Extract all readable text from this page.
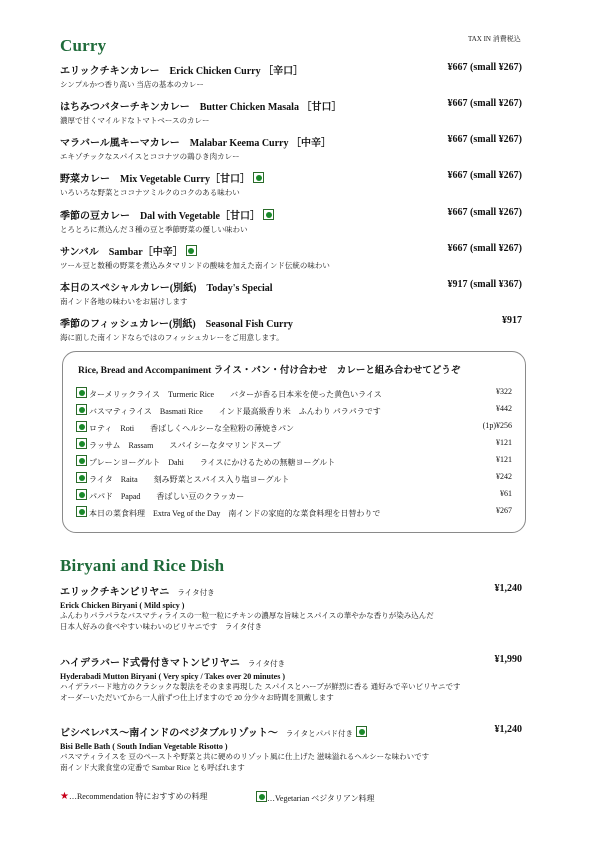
Curry	TAX IN 消費税込
エリックチキンカレー　Erick Chicken Curry ［辛口］
シンプルかつ香り高い 当店の基本のカレー
¥667 (small ¥267)
はちみつバターチキンカレー　Butter Chicken Masala ［甘口］
濃厚で甘くマイルドなトマトベースのカレー
¥667 (small ¥267)
マラバール風キーマカレー　Malabar Keema Curry ［中辛］
エキゾチックなスパイスとココナツの鶏ひき肉カレー
¥667 (small ¥267)
野菜カレー　Mix Vegetable Curry［甘口］
いろいろな野菜とココナツミルクのコクのある味わい
¥667 (small ¥267)
季節の豆カレー　Dal with Vegetable［甘口］
とろとろに煮込んだ３種の豆と季節野菜の優しい味わい
¥667 (small ¥267)
サンバル　Sambar［中辛］
ツール豆と数種の野菜を煮込みタマリンドの酸味を加えた南インド伝統の味わい
¥667 (small ¥267)
本日のスペシャルカレー(別紙)　Today's Special
南インド各地の味わいをお届けします
¥917 (small ¥367)
季節のフィッシュカレー(別紙)　Seasonal Fish Curry
海に面した南インドならではのフィッシュカレーをご用意します。
¥917
Rice, Bread and Accompaniment ライス・パン・付け合わせ　カレーと組み合わせてどうぞ
ターメリックライス　Turmeric Rice　　バターが香る日本米を使った黄色いライス	¥322
バスマティライス　Basmati Rice　　インド最高級香り米　ふんわり パラパラです	¥442
ロティ　Roti　　香ばしくヘルシーな全粒粉の薄焼きパン	(1p)¥256
ラッサム　Rassam　　スパイシーなタマリンドスープ	¥121
プレーンヨーグルト　Dahi　　ライスにかけるための無糖ヨーグルト	¥121
ライタ　Raita　　刻み野菜とスパイス入り塩ヨーグルト	¥242
パパド　Papad　　香ばしい豆のクラッカー	¥61
本日の菜食料理　Extra Veg of the Day　南インドの家庭的な菜食料理を日替わりで	¥267
Biryani and Rice Dish
エリックチキンビリヤニ ライタ付き
Erick Chicken Biryani ( Mild spicy )
ふんわりパラパラなバスマティライスの一粒一粒にチキンの濃厚な旨味とスパイスの華やかな香りが染み込んだ
日本人好みの食べやすい味わいのビリヤニです　ライタ付き
¥1,240
ハイデラバード式骨付きマトンビリヤニ ライタ付き
Hyderabadi Mutton Biryani ( Very spicy / Takes over 20 minutes )
ハイデラバード地方のクラシックな製法をそのまま再現した スパイスとハーブが鮮烈に香る 通好みで辛いビリヤニです
オーダーいただいてから一人前ずつ仕上げますので 20 分少々お時間を頂戴します
¥1,990
ビシベレバス～南インドのベジタブルリゾット～ ライタとパパド付き
Bisi Belle Bath ( South Indian Vegetable Risotto )
バスマティライスを 豆のペーストや野菜と共に硬めのリゾット風に仕上げた 滋味溢れるヘルシーな味わいです
南インド大衆食堂の定番で Sambar Rice とも呼ばれます
¥1,240
★…Recommendation 特におすすめの料理	…Vegetarian ベジタリアン料理
